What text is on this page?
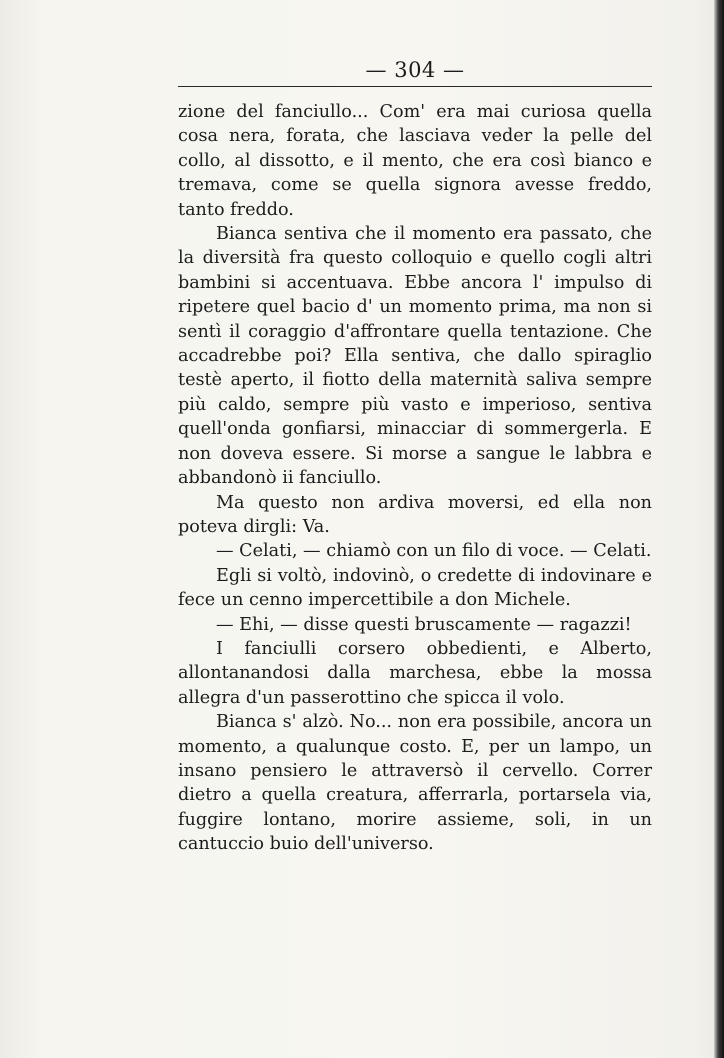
— 304 —

zione del fanciullo... Com' era mai curiosa quella cosa nera, forata, che lasciava veder la pelle del collo, al dissotto, e il mento, che era così bianco e tremava, come se quella signora avesse freddo, tanto freddo.

Bianca sentiva che il momento era passato, che la diversità fra questo colloquio e quello cogli altri bambini si accentuava. Ebbe ancora l' impulso di ripetere quel bacio d' un momento prima, ma non si sentì il coraggio d'affrontare quella tentazione. Che accadrebbe poi? Ella sentiva, che dallo spiraglio testè aperto, il fiotto della maternità saliva sempre più caldo, sempre più vasto e imperioso, sentiva quell'onda gonfiarsi, minacciar di sommergerla. E non doveva essere. Si morse a sangue le labbra e abbandonò ii fanciullo.

Ma questo non ardiva moversi, ed ella non poteva dirgli: Va.

— Celati, — chiamò con un filo di voce. — Celati.

Egli si voltò, indovinò, o credette di indovinare e fece un cenno impercettibile a don Michele.

— Ehi, — disse questi bruscamente — ragazzi!

I fanciulli corsero obbedienti, e Alberto, allontanandosi dalla marchesa, ebbe la mossa allegra d'un passerottino che spicca il volo.

Bianca s' alzò. No... non era possibile, ancora un momento, a qualunque costo. E, per un lampo, un insano pensiero le attraversò il cervello. Correr dietro a quella creatura, afferrarla, portarsela via, fuggire lontano, morire assieme, soli, in un cantuccio buio dell'universo.
